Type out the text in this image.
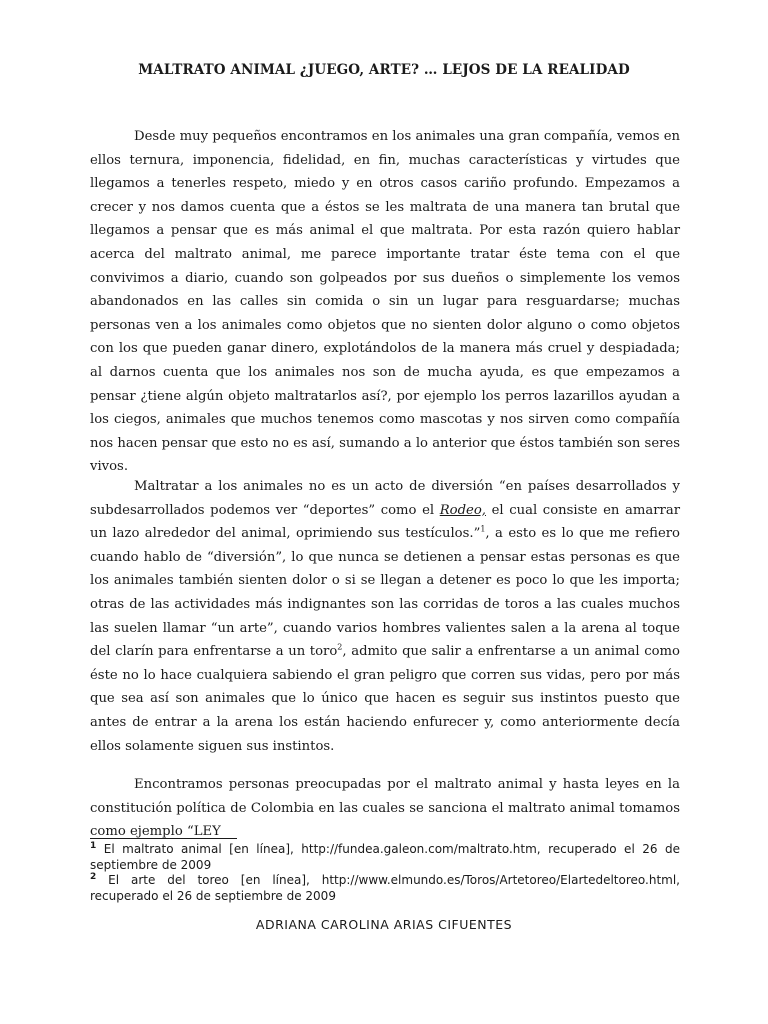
MALTRATO ANIMAL ¿JUEGO, ARTE? … LEJOS DE LA REALIDAD

Desde muy pequeños encontramos en los animales una gran compañía, vemos en ellos ternura, imponencia, fidelidad, en fin, muchas características y virtudes que llegamos a tenerles respeto, miedo y en otros casos cariño profundo. Empezamos a crecer y nos damos cuenta que a éstos se les maltrata de una manera tan brutal que llegamos a pensar que es más animal el que maltrata. Por esta razón quiero hablar acerca del maltrato animal, me parece importante tratar éste tema con el que convivimos a diario, cuando son golpeados por sus dueños o simplemente los vemos abandonados en las calles sin comida o sin un lugar para resguardarse; muchas personas ven a los animales como objetos que no sienten dolor alguno o como objetos con los que pueden ganar dinero, explotándolos de la manera más cruel y despiadada; al darnos cuenta que los animales nos son de mucha ayuda, es que empezamos a pensar ¿tiene algún objeto maltratarlos así?, por ejemplo los perros lazarillos ayudan a los ciegos, animales que muchos tenemos como mascotas y nos sirven como compañía nos hacen pensar que esto no es así, sumando a lo anterior que éstos también son seres vivos.

Maltratar a los animales no es un acto de diversión “en países desarrollados y subdesarrollados podemos ver “deportes” como el Rodeo, el cual consiste en amarrar un lazo alrededor del animal, oprimiendo sus testículos.”$^1$, a esto es lo que me refiero cuando hablo de “diversión”, lo que nunca se detienen a pensar estas personas es que los animales también sienten dolor o si se llegan a detener es poco lo que les importa; otras de las actividades más indignantes son las corridas de toros a las cuales muchos las suelen llamar “un arte”, cuando varios hombres valientes salen a la arena al toque del clarín para enfrentarse a un toro$^2$, admito que salir a enfrentarse a un animal como éste no lo hace cualquiera sabiendo el gran peligro que corren sus vidas, pero por más que sea así son animales que lo único que hacen es seguir sus instintos puesto que antes de entrar a la arena los están haciendo enfurecer y, como anteriormente decía ellos solamente siguen sus instintos.

Encontramos personas preocupadas por el maltrato animal y hasta leyes en la constitución política de Colombia en las cuales se sanciona el maltrato animal tomamos como ejemplo “LEY

$^1$ El maltrato animal [en línea], http://fundea.galeon.com/maltrato.htm, recuperado el 26 de septiembre de 2009

$^2$ El arte del toreo [en línea], http://www.elmundo.es/Toros/Artetoreo/Elartedeltoreo.html, recuperado el 26 de septiembre de 2009

ADRIANA CAROLINA ARIAS CIFUENTES
